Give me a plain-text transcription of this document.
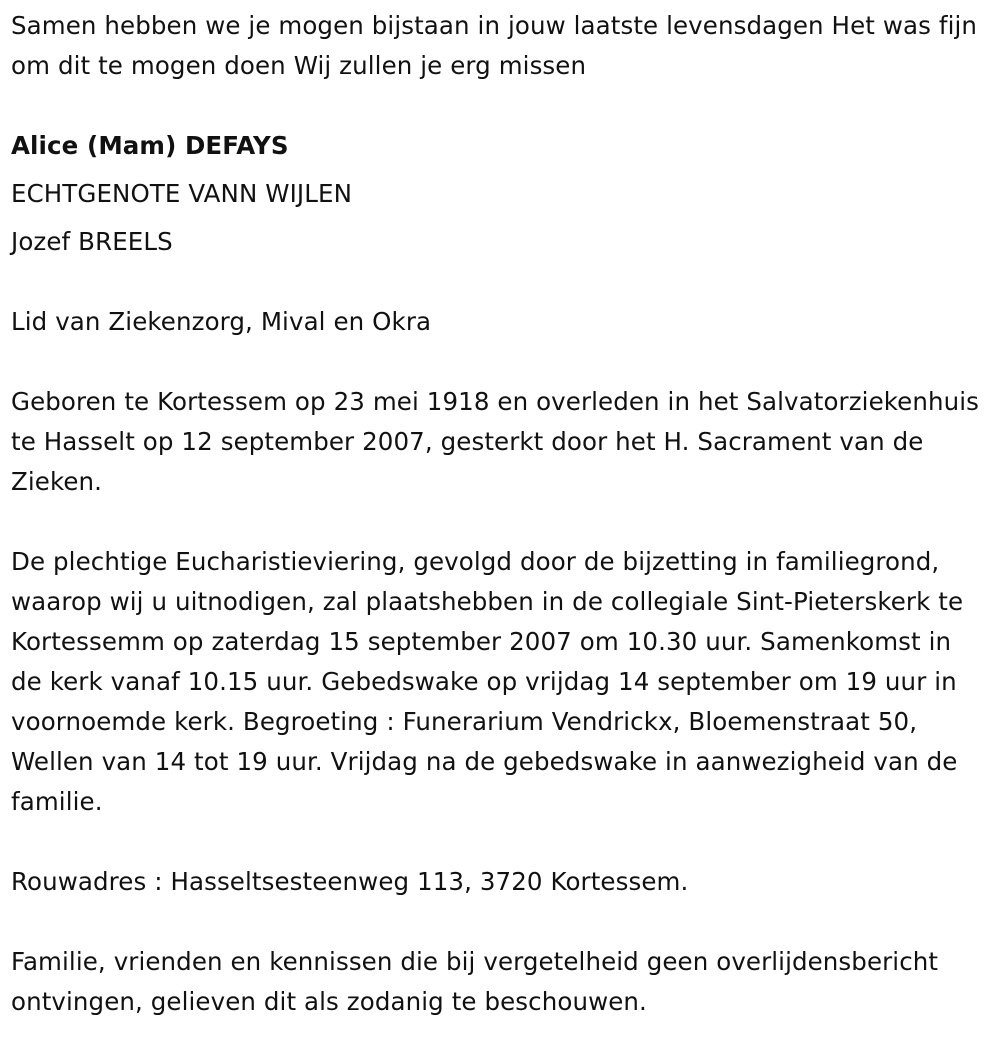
Samen hebben we je mogen bijstaan in jouw laatste levensdagen Het was fijn om dit te mogen doen Wij zullen je erg missen

Alice (Mam) DEFAYS
ECHTGENOTE VANN WIJLEN
Jozef BREELS

Lid van Ziekenzorg, Mival en Okra

Geboren te Kortessem op 23 mei 1918 en overleden in het Salvatorziekenhuis te Hasselt op 12 september 2007, gesterkt door het H. Sacrament van de Zieken.

De plechtige Eucharistieviering, gevolgd door de bijzetting in familiegrond, waarop wij u uitnodigen, zal plaatshebben in de collegiale Sint-Pieterskerk te Kortessemm op zaterdag 15 september 2007 om 10.30 uur. Samenkomst in de kerk vanaf 10.15 uur. Gebedswake op vrijdag 14 september om 19 uur in voornoemde kerk. Begroeting : Funerarium Vendrickx, Bloemenstraat 50, Wellen van 14 tot 19 uur. Vrijdag na de gebedswake in aanwezigheid van de familie.

Rouwadres : Hasseltsesteenweg 113, 3720 Kortessem.

Familie, vrienden en kennissen die bij vergetelheid geen overlijdensbericht ontvingen, gelieven dit als zodanig te beschouwen.
